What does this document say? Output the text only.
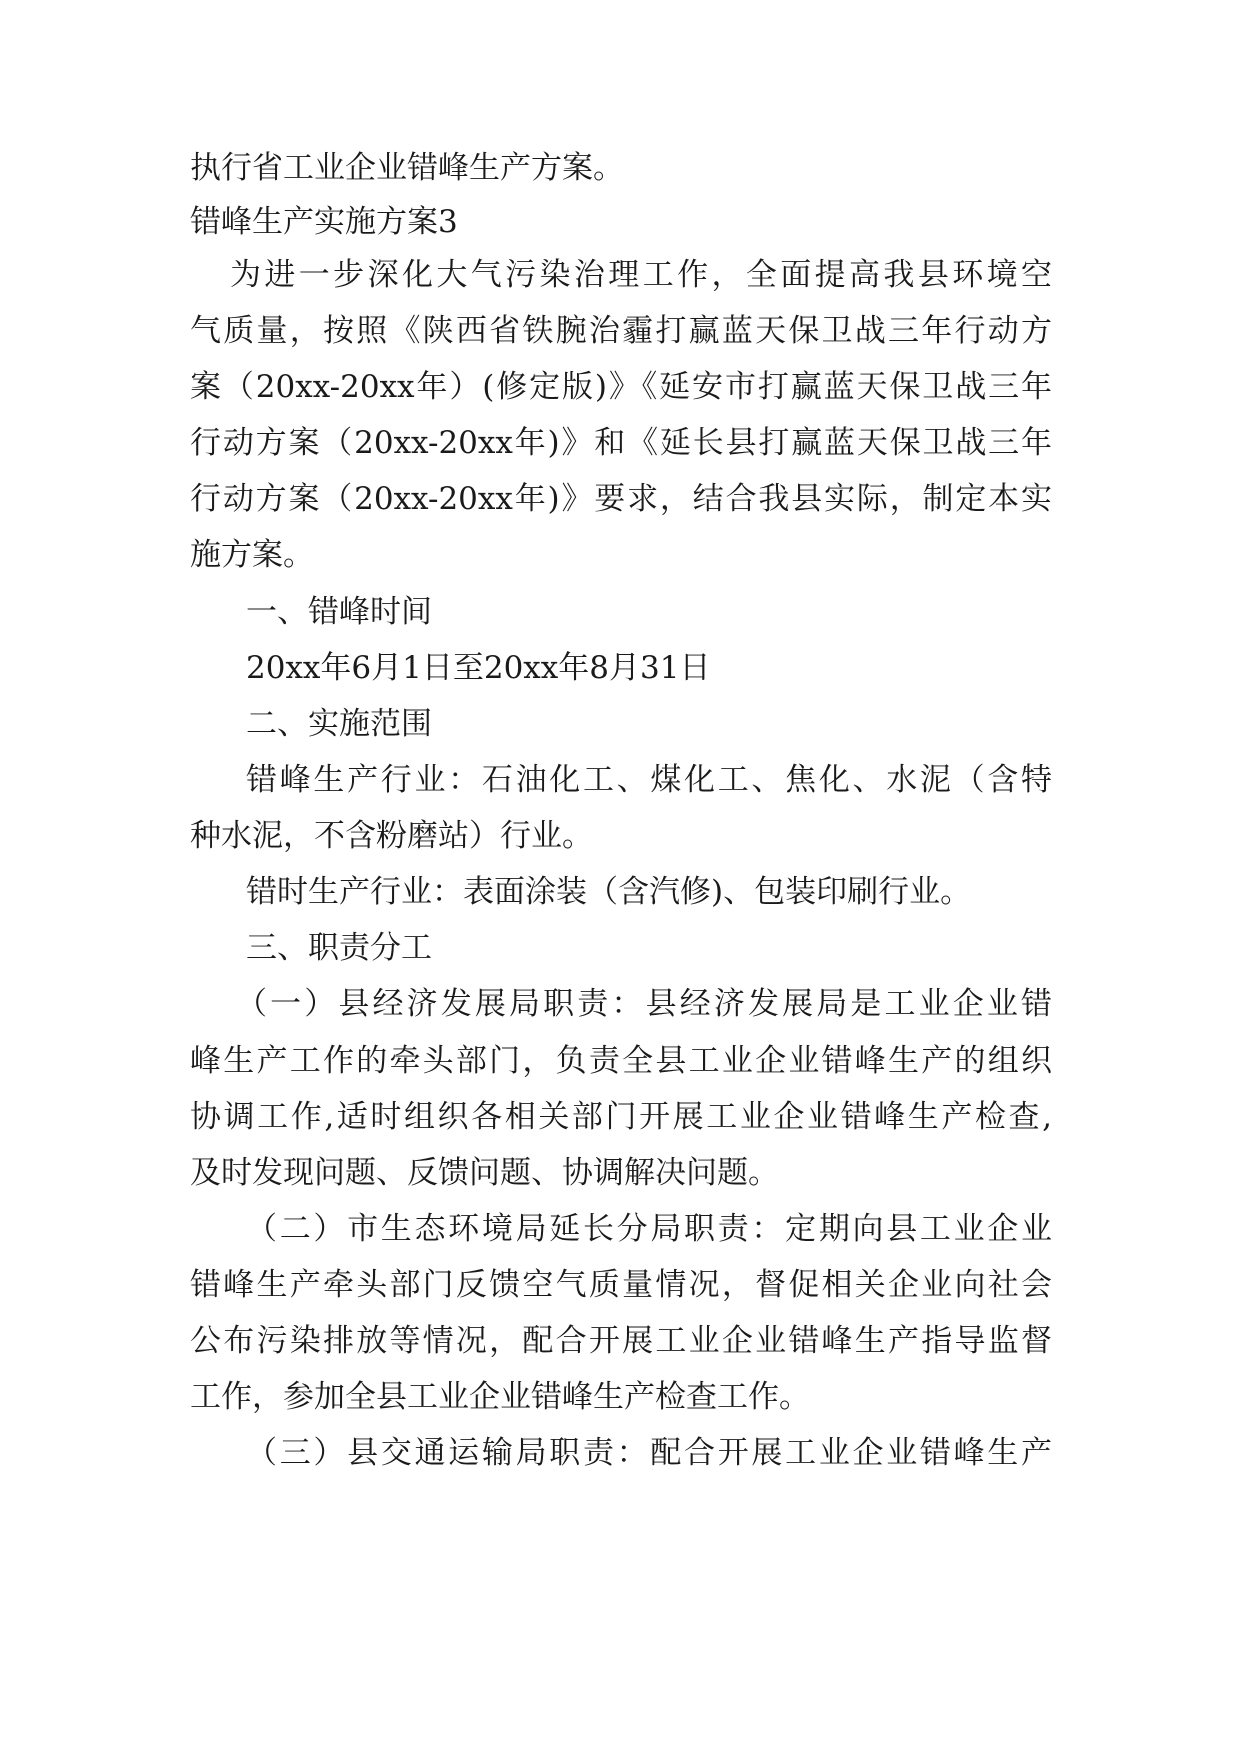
执行省工业企业错峰生产方案。
错峰生产实施方案3
为进一步深化大气污染治理工作，全面提高我县环境空
气质量，按照《陕西省铁腕治霾打赢蓝天保卫战三年行动方
案（20xx-20xx年）(修定版)》《延安市打赢蓝天保卫战三年
行动方案（20xx-20xx年)》和《延长县打赢蓝天保卫战三年
行动方案（20xx-20xx年)》要求，结合我县实际，制定本实
施方案。
一、错峰时间
20xx年6月1日至20xx年8月31日
二、实施范围
错峰生产行业：石油化工、煤化工、焦化、水泥（含特
种水泥，不含粉磨站）行业。
错时生产行业：表面涂装（含汽修)、包装印刷行业。
三、职责分工
（一）县经济发展局职责：县经济发展局是工业企业错
峰生产工作的牵头部门，负责全县工业企业错峰生产的组织
协调工作,适时组织各相关部门开展工业企业错峰生产检查,
及时发现问题、反馈问题、协调解决问题。
（二）市生态环境局延长分局职责：定期向县工业企业
错峰生产牵头部门反馈空气质量情况，督促相关企业向社会
公布污染排放等情况，配合开展工业企业错峰生产指导监督
工作，参加全县工业企业错峰生产检查工作。
（三）县交通运输局职责：配合开展工业企业错峰生产
